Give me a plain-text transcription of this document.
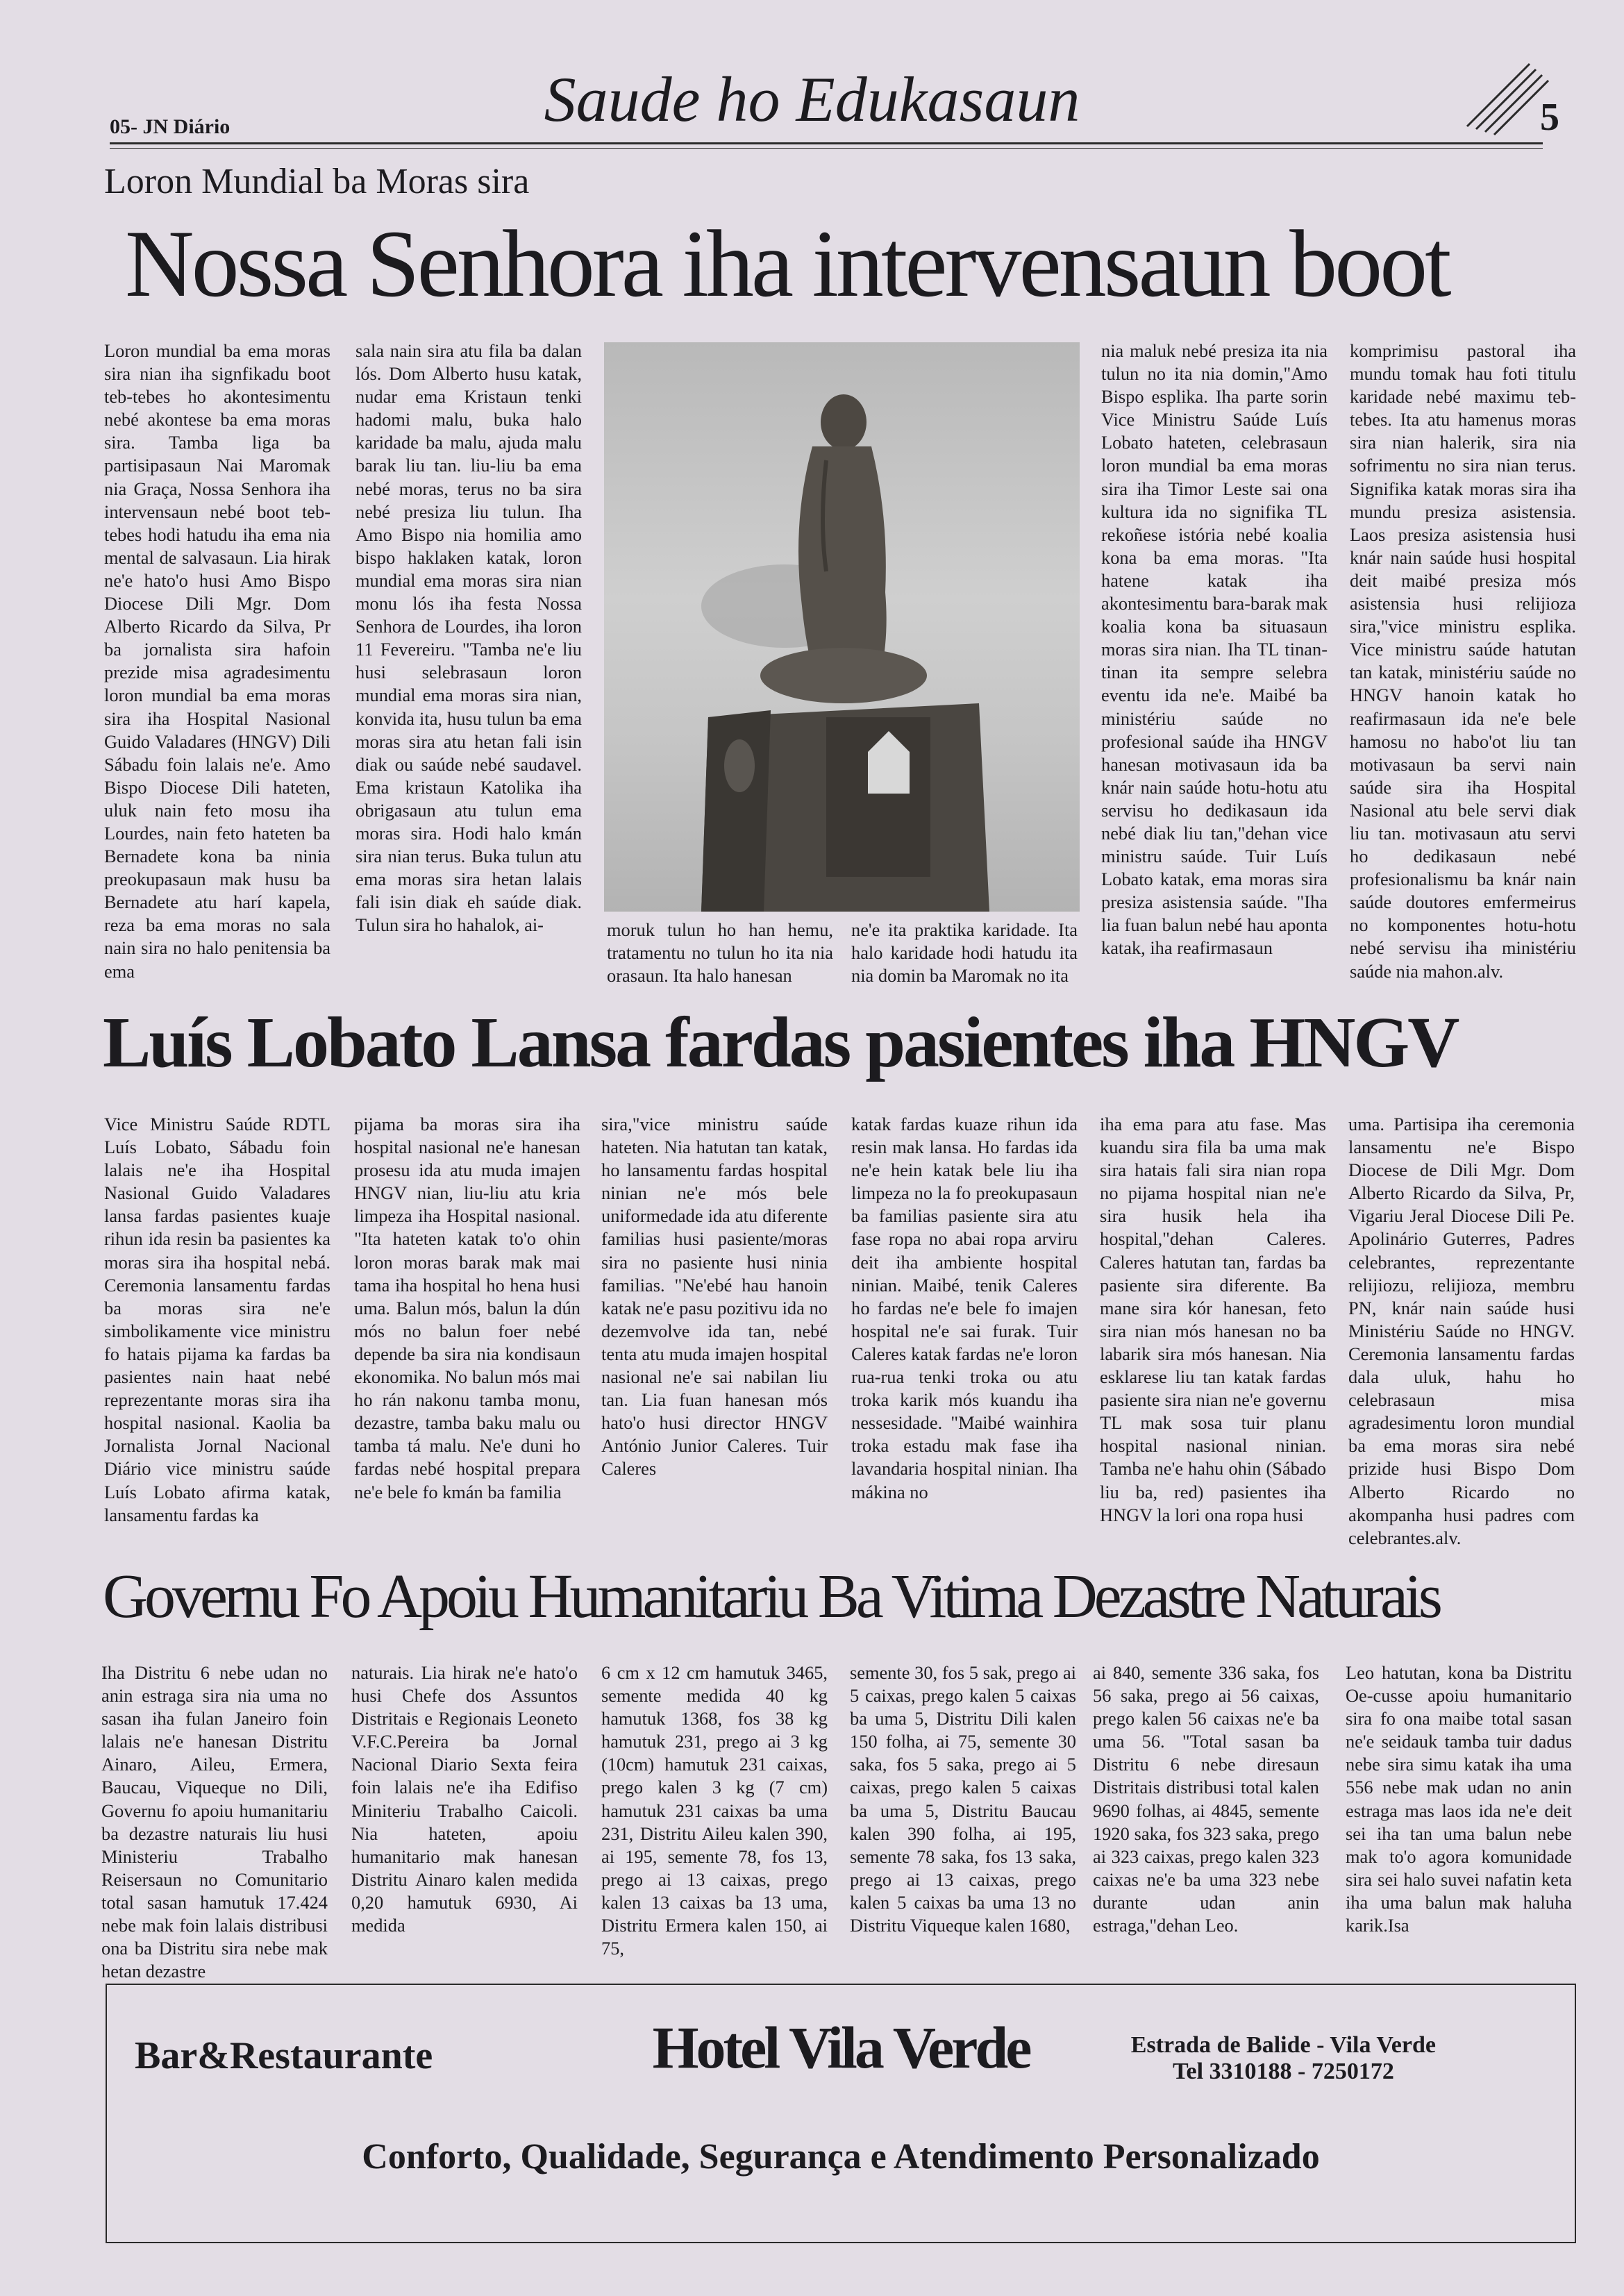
05- JN Diário	Saude ho Edukasaun	5
Loron Mundial ba Moras sira
Nossa Senhora iha intervensaun boot

Loron mundial ba ema moras sira nian iha signfikadu boot teb-tebes ho akontesimentu nebé akontese ba ema moras sira. Tamba liga ba partisipasaun Nai Maromak nia Graça, Nossa Senhora iha intervensaun nebé boot teb-tebes hodi hatudu iha ema nia mental de salvasaun. Lia hirak ne'e hato'o husi Amo Bispo Diocese Dili Mgr. Dom Alberto Ricardo da Silva, Pr ba jornalista sira hafoin prezide misa agradesimentu loron mundial ba ema moras sira iha Hospital Nasional Guido Valadares (HNGV) Dili Sábadu foin lalais ne'e. Amo Bispo Diocese Dili hateten, uluk nain feto mosu iha Lourdes, nain feto hateten ba Bernadete kona ba ninia preokupasaun mak husu ba Bernadete atu harí kapela, reza ba ema moras no sala nain sira no halo penitensia ba ema

sala nain sira atu fila ba dalan lós. Dom Alberto husu katak, nudar ema Kristaun tenki hadomi malu, buka halo karidade ba malu, ajuda malu barak liu tan. liu-liu ba ema nebé moras, terus no ba sira nebé presiza liu tulun. Iha Amo Bispo nia homilia amo bispo haklaken katak, loron mundial ema moras sira nian monu lós iha festa Nossa Senhora de Lourdes, iha loron 11 Fevereiru. "Tamba ne'e liu husi selebrasaun loron mundial ema moras sira nian, konvida ita, husu tulun ba ema moras sira atu hetan fali isin diak ou saúde nebé saudavel. Ema kristaun Katolika iha obrigasaun atu tulun ema moras sira. Hodi halo kmán sira nian terus. Buka tulun atu ema moras sira hetan lalais fali isin diak eh saúde diak. Tulun sira ho hahalok, ai-	moruk tulun ho han hemu, tratamentu no tulun ho ita nia orasaun. Ita halo hanesan

ne'e ita praktika karidade. Ita halo karidade hodi hatudu ita nia domin ba Maromak no ita

nia maluk nebé presiza ita nia tulun no ita nia domin,"Amo Bispo esplika. Iha parte sorin Vice Ministru Saúde Luís Lobato hateten, celebrasaun loron mundial ba ema moras sira iha Timor Leste sai ona kultura ida no signifika TL rekoñese istória nebé koalia kona ba ema moras. "Ita hatene katak iha akontesimentu bara-barak mak koalia kona ba situasaun moras sira nian. Iha TL tinan-tinan ita sempre selebra eventu ida ne'e. Maibé ba ministériu saúde no profesional saúde iha HNGV hanesan motivasaun ida ba knár nain saúde hotu-hotu atu servisu ho dedikasaun ida nebé diak liu tan,"dehan vice ministru saúde. Tuir Luís Lobato katak, ema moras sira presiza asistensia saúde. "Iha lia fuan balun nebé hau aponta katak, iha reafirmasaun

komprimisu pastoral iha mundu tomak hau foti titulu karidade nebé maximu teb-tebes. Ita atu hamenus moras sira nian halerik, sira nia sofrimentu no sira nian terus. Signifika katak moras sira iha mundu presiza asistensia. Laos presiza asistensia husi knár nain saúde husi hospital deit maibé presiza mós asistensia husi relijioza sira,"vice ministru esplika. Vice ministru saúde hatutan tan katak, ministériu saúde no HNGV hanoin katak ho reafirmasaun ida ne'e bele hamosu no habo'ot liu tan motivasaun ba servi nain saúde sira iha Hospital Nasional atu bele servi diak liu tan. motivasaun atu servi ho dedikasaun nebé profesionalismu ba knár nain saúde doutores emfermeirus no komponentes hotu-hotu nebé servisu iha ministériu saúde nia mahon.alv.

Luís Lobato Lansa fardas pasientes iha HNGV

Vice Ministru Saúde RDTL Luís Lobato, Sábadu foin lalais ne'e iha Hospital Nasional Guido Valadares lansa fardas pasientes kuaje rihun ida resin ba pasientes ka moras sira iha hospital nebá. Ceremonia lansamentu fardas ba moras sira ne'e simbolikamente vice ministru fo hatais pijama ka fardas ba pasientes nain haat nebé reprezentante moras sira iha hospital nasional. Kaolia ba Jornalista Jornal Nacional Diário vice ministru saúde Luís Lobato afirma katak, lansamentu fardas ka

pijama ba moras sira iha hospital nasional ne'e hanesan prosesu ida atu muda imajen HNGV nian, liu-liu atu kria limpeza iha Hospital nasional. "Ita hateten katak to'o ohin loron moras barak mak mai tama iha hospital ho hena husi uma. Balun mós, balun la dún mós no balun foer nebé depende ba sira nia kondisaun ekonomika. No balun mós mai ho rán nakonu tamba monu, dezastre, tamba baku malu ou tamba tá malu. Ne'e duni ho fardas nebé hospital prepara ne'e bele fo kmán ba familia

sira,"vice ministru saúde hateten. Nia hatutan tan katak, ho lansamentu fardas hospital ninian ne'e mós bele uniformedade ida atu diferente familias husi pasiente/moras sira no pasiente husi ninia familias. "Ne'ebé hau hanoin katak ne'e pasu pozitivu ida no dezemvolve ida tan, nebé tenta atu muda imajen hospital nasional ne'e sai nabilan liu tan. Lia fuan hanesan mós hato'o husi director HNGV António Junior Caleres. Tuir Caleres

katak fardas kuaze rihun ida resin mak lansa. Ho fardas ida ne'e hein katak bele liu iha limpeza no la fo preokupasaun ba familias pasiente sira atu fase ropa no abai ropa arviru deit iha ambiente hospital ninian. Maibé, tenik Caleres ho fardas ne'e bele fo imajen hospital ne'e sai furak. Tuir Caleres katak fardas ne'e loron rua-rua tenki troka ou atu troka karik mós kuandu iha nessesidade. "Maibé wainhira troka estadu mak fase iha lavandaria hospital ninian. Iha mákina no

iha ema para atu fase. Mas kuandu sira fila ba uma mak sira hatais fali sira nian ropa no pijama hospital nian ne'e sira husik hela iha hospital,"dehan Caleres. Caleres hatutan tan, fardas ba pasiente sira diferente. Ba mane sira kór hanesan, feto sira nian mós hanesan no ba labarik sira mós hanesan. Nia esklarese liu tan katak fardas pasiente sira nian ne'e governu TL mak sosa tuir planu hospital nasional ninian. Tamba ne'e hahu ohin (Sábado liu ba, red) pasientes iha HNGV la lori ona ropa husi

uma. Partisipa iha ceremonia lansamentu ne'e Bispo Diocese de Dili Mgr. Dom Alberto Ricardo da Silva, Pr, Vigariu Jeral Diocese Dili Pe. Apolinário Guterres, Padres celebrantes, reprezentante relijiozu, relijioza, membru PN, knár nain saúde husi Ministériu Saúde no HNGV. Ceremonia lansamentu fardas dala uluk, hahu ho celebrasaun misa agradesimentu loron mundial ba ema moras sira nebé prizide husi Bispo Dom Alberto Ricardo no akompanha husi padres com celebrantes.alv.

Governu Fo Apoiu Humanitariu Ba Vitima Dezastre Naturais

Iha Distritu 6 nebe udan no anin estraga sira nia uma no sasan iha fulan Janeiro foin lalais ne'e hanesan Distritu Ainaro, Aileu, Ermera, Baucau, Viqueque no Dili, Governu fo apoiu humanitariu ba dezastre naturais liu husi Ministeriu Trabalho Reisersaun no Comunitario total sasan hamutuk 17.424 nebe mak foin lalais distribusi ona ba Distritu sira nebe mak hetan dezastre

naturais. Lia hirak ne'e hato'o husi Chefe dos Assuntos Distritais e Regionais Leoneto V.F.C.Pereira ba Jornal Nacional Diario Sexta feira foin lalais ne'e iha Edifiso Miniteriu Trabalho Caicoli. Nia hateten, apoiu humanitario mak hanesan Distritu Ainaro kalen medida 0,20 hamutuk 6930, Ai medida

6 cm x 12 cm hamutuk 3465, semente medida 40 kg hamutuk 1368, fos 38 kg hamutuk 231, prego ai 3 kg (10cm) hamutuk 231 caixas, prego kalen 3 kg (7 cm) hamutuk 231 caixas ba uma 231, Distritu Aileu kalen 390, ai 195, semente 78, fos 13, prego ai 13 caixas, prego kalen 13 caixas ba 13 uma, Distritu Ermera kalen 150, ai 75,

semente 30, fos 5 sak, prego ai 5 caixas, prego kalen 5 caixas ba uma 5, Distritu Dili kalen 150 folha, ai 75, semente 30 saka, fos 5 saka, prego ai 5 caixas, prego kalen 5 caixas ba uma 5, Distritu Baucau kalen 390 folha, ai 195, semente 78 saka, fos 13 saka, prego ai 13 caixas, prego kalen 5 caixas ba uma 13 no Distritu Viqueque kalen 1680,

ai 840, semente 336 saka, fos 56 saka, prego ai 56 caixas, prego kalen 56 caixas ne'e ba uma 56. "Total sasan ba Distritu 6 nebe diresaun Distritais distribusi total kalen 9690 folhas, ai 4845, semente 1920 saka, fos 323 saka, prego ai 323 caixas, prego kalen 323 caixas ne'e ba uma 323 nebe durante udan anin estraga,"dehan Leo.

Leo hatutan, kona ba Distritu Oe-cusse apoiu humanitario sira fo ona maibe total sasan ne'e seidauk tamba tuir dadus nebe sira simu katak iha uma 556 nebe mak udan no anin estraga mas laos ida ne'e deit sei iha tan uma balun nebe mak to'o agora komunidade sira sei halo suvei nafatin keta iha uma balun mak haluha karik.Isa

Bar&Restaurante	Hotel Vila Verde	Estrada de Balide - Vila Verde
Tel 3310188 - 7250172
Conforto, Qualidade, Segurança e Atendimento Personalizado
